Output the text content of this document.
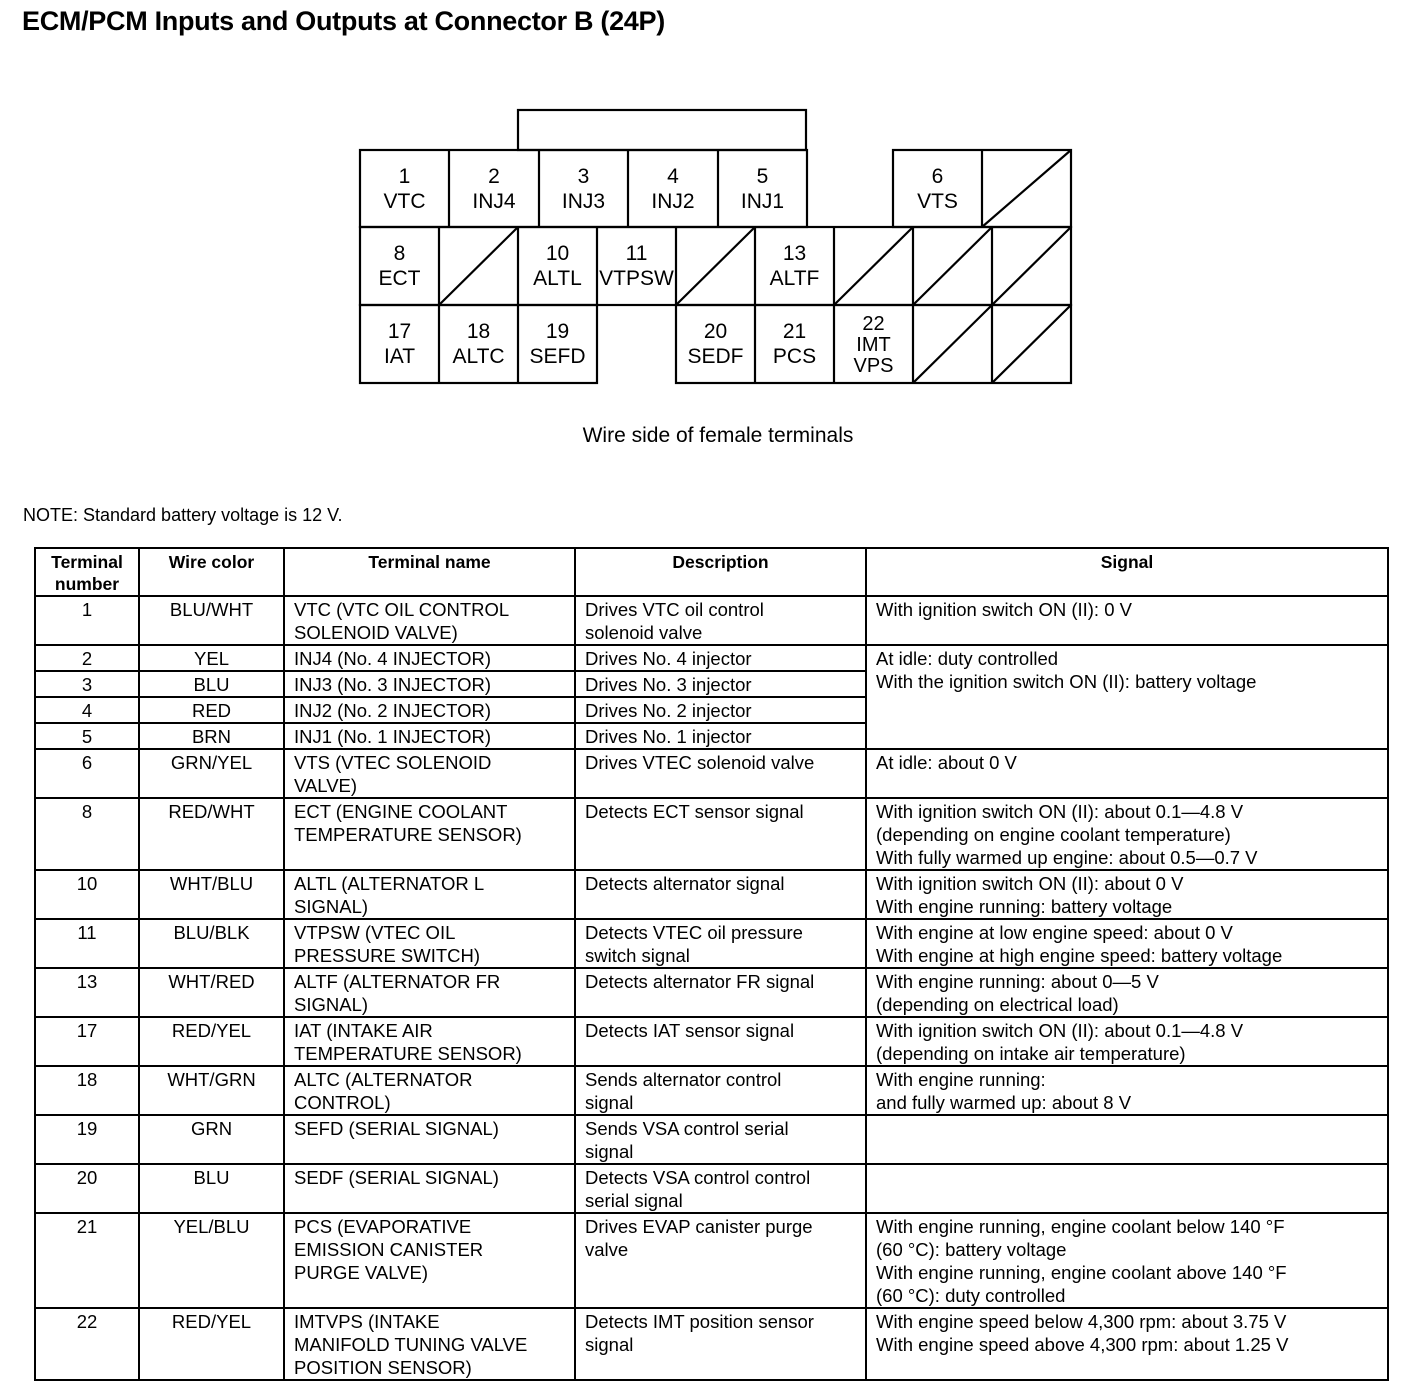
ECM/PCM Inputs and Outputs at Connector B (24P)
1
VTC
2
INJ4
3
INJ3
4
INJ2
5
INJ1
6
VTS
8
ECT
10
ALTL
11
VTPSW
13
ALTF
17
IAT
18
ALTC
19
SEFD
20
SEDF
21
PCS
22
IMT
VPS
Wire side of female terminals
NOTE: Standard battery voltage is 12 V.
Terminal
number	Wire color	Terminal name	Description	Signal
1	BLU/WHT	VTC (VTC OIL CONTROL
SOLENOID VALVE)	Drives VTC oil control
solenoid valve	With ignition switch ON (II): 0 V

2	YEL	INJ4 (No. 4 INJECTOR)	Drives No. 4 injector	At idle: duty controlled
With the ignition switch ON (II): battery voltage

3	BLU	INJ3 (No. 3 INJECTOR)	Drives No. 3 injector	

4	RED	INJ2 (No. 2 INJECTOR)	Drives No. 2 injector	

5	BRN	INJ1 (No. 1 INJECTOR)	Drives No. 1 injector	

6	GRN/YEL	VTS (VTEC SOLENOID
VALVE)	Drives VTEC solenoid valve	At idle: about 0 V

8	RED/WHT	ECT (ENGINE COOLANT
TEMPERATURE SENSOR)	Detects ECT sensor signal	With ignition switch ON (II): about 0.1—4.8 V
(depending on engine coolant temperature)
With fully warmed up engine: about 0.5—0.7 V

10	WHT/BLU	ALTL (ALTERNATOR L
SIGNAL)	Detects alternator signal	With ignition switch ON (II): about 0 V
With engine running: battery voltage

11	BLU/BLK	VTPSW (VTEC OIL
PRESSURE SWITCH)	Detects VTEC oil pressure
switch signal	With engine at low engine speed: about 0 V
With engine at high engine speed: battery voltage

13	WHT/RED	ALTF (ALTERNATOR FR
SIGNAL)	Detects alternator FR signal	With engine running: about 0—5 V
(depending on electrical load)

17	RED/YEL	IAT (INTAKE AIR
TEMPERATURE SENSOR)	Detects IAT sensor signal	With ignition switch ON (II): about 0.1—4.8 V
(depending on intake air temperature)

18	WHT/GRN	ALTC (ALTERNATOR
CONTROL)	Sends alternator control
signal	With engine running:
and fully warmed up: about 8 V

19	GRN	SEFD (SERIAL SIGNAL)	Sends VSA control serial
signal	

20	BLU	SEDF (SERIAL SIGNAL)	Detects VSA control control
serial signal	

21	YEL/BLU	PCS (EVAPORATIVE
EMISSION CANISTER
PURGE VALVE)	Drives EVAP canister purge
valve	With engine running, engine coolant below 140 °F
(60 °C): battery voltage
With engine running, engine coolant above 140 °F
(60 °C): duty controlled

22	RED/YEL	IMTVPS (INTAKE
MANIFOLD TUNING VALVE
POSITION SENSOR)	Detects IMT position sensor
signal	With engine speed below 4,300 rpm: about 3.75 V
With engine speed above 4,300 rpm: about 1.25 V
